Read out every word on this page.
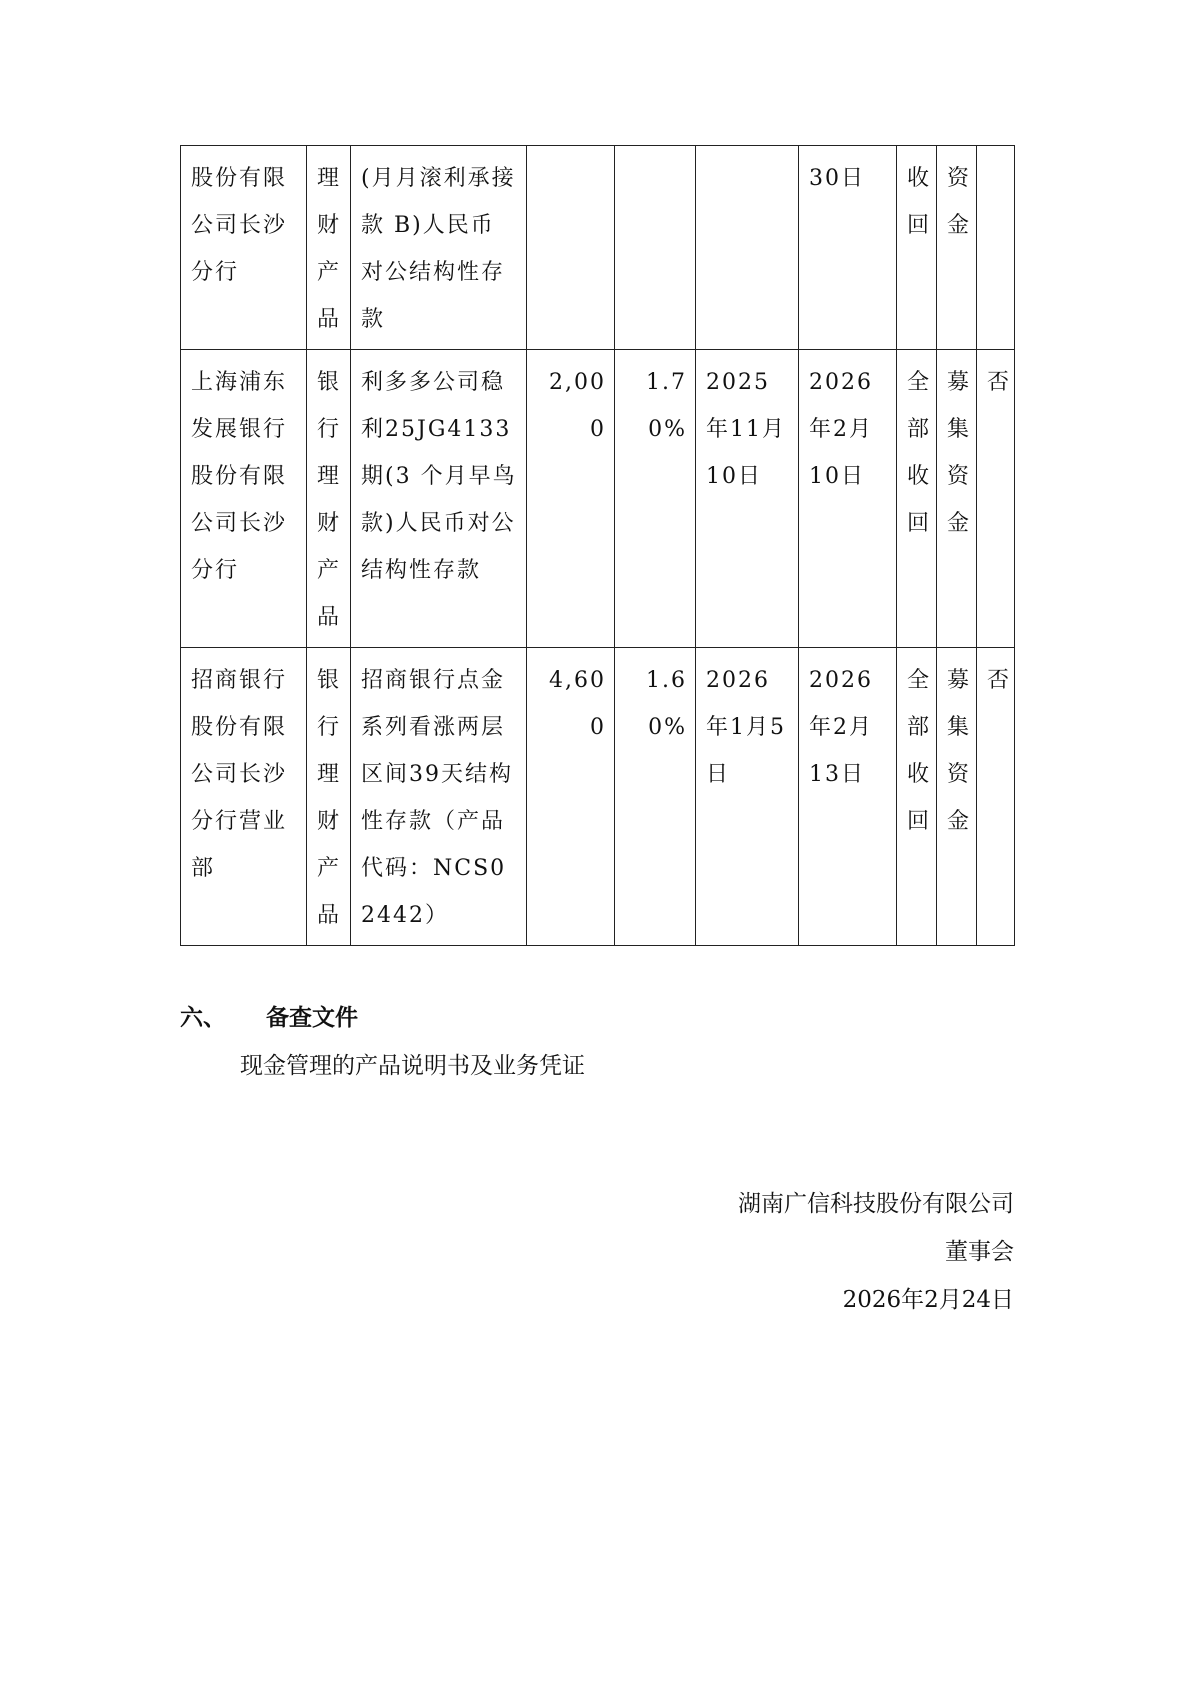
股份有限公司长沙分行	理财产品	(月月滚利承接款 B)人民币对公结构性存款				30日	收回	资金	
上海浦东发展银行股份有限公司长沙分行	银行理财产品	利多多公司稳利25JG4133期(3 个月早鸟款)人民币对公结构性存款	2,000	1.70%	2025年11月10日	2026年2月10日	全部收回	募集资金	否
招商银行股份有限公司长沙分行营业部	银行理财产品	招商银行点金系列看涨两层区间39天结构性存款（产品代码：NCS02442）	4,600	1.60%	2026年1月5日	2026年2月13日	全部收回	募集资金	否
六、 备查文件
现金管理的产品说明书及业务凭证
湖南广信科技股份有限公司
董事会
2026年2月24日
